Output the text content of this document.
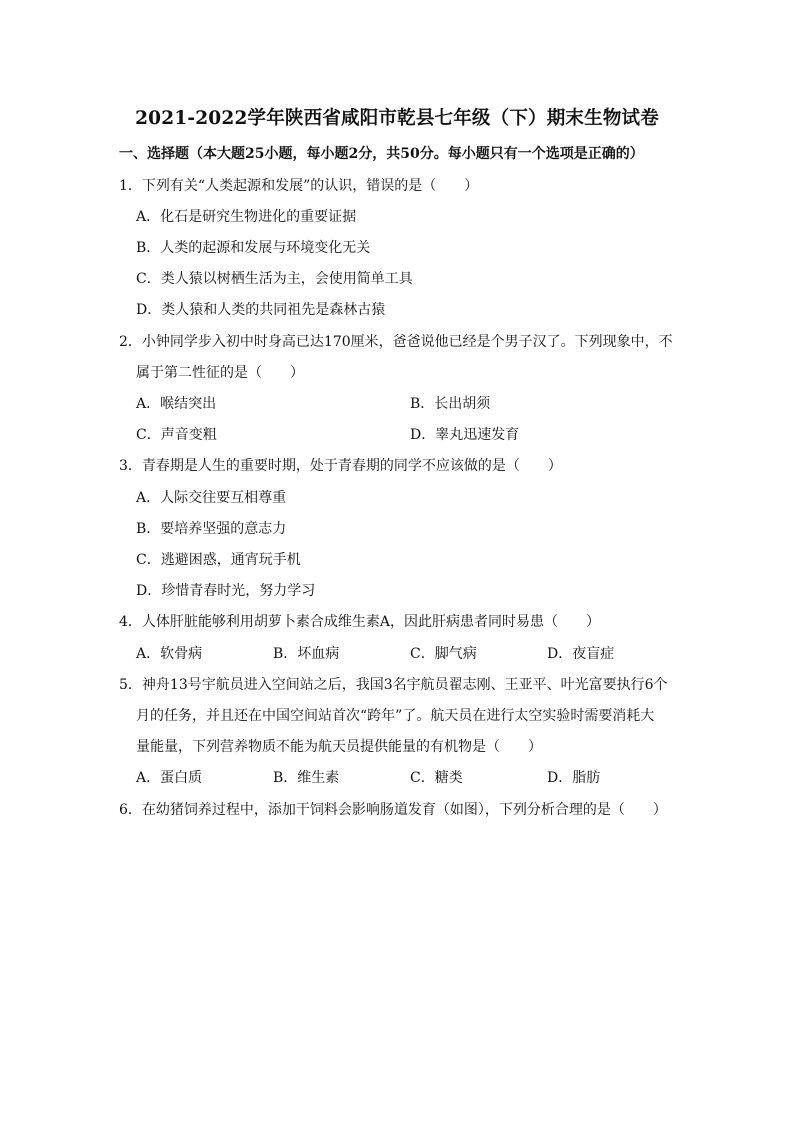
2021-2022学年陕西省咸阳市乾县七年级（下）期末生物试卷
一、选择题（本大题25小题，每小题2分，共50分。每小题只有一个选项是正确的）
1．下列有关“人类起源和发展”的认识，错误的是（　　）
A．化石是研究生物进化的重要证据
B．人类的起源和发展与环境变化无关
C．类人猿以树栖生活为主，会使用简单工具
D．类人猿和人类的共同祖先是森林古猿
2．小钟同学步入初中时身高已达170厘米，爸爸说他已经是个男子汉了。下列现象中，不
属于第二性征的是（　　）
A．喉结突出	B．长出胡须
C．声音变粗	D．睾丸迅速发育
3．青春期是人生的重要时期，处于青春期的同学不应该做的是（　　）
A．人际交往要互相尊重
B．要培养坚强的意志力
C．逃避困惑，通宵玩手机
D．珍惜青春时光，努力学习
4．人体肝脏能够利用胡萝卜素合成维生素A，因此肝病患者同时易患（　　）
A．软骨病	B．坏血病	C．脚气病	D．夜盲症
5．神舟13号宇航员进入空间站之后，我国3名宇航员翟志刚、王亚平、叶光富要执行6个
月的任务，并且还在中国空间站首次“跨年”了。航天员在进行太空实验时需要消耗大
量能量，下列营养物质不能为航天员提供能量的有机物是（　　）
A．蛋白质	B．维生素	C．糖类	D．脂肪
6．在幼猪饲养过程中，添加干饲料会影响肠道发育（如图），下列分析合理的是（　　）
